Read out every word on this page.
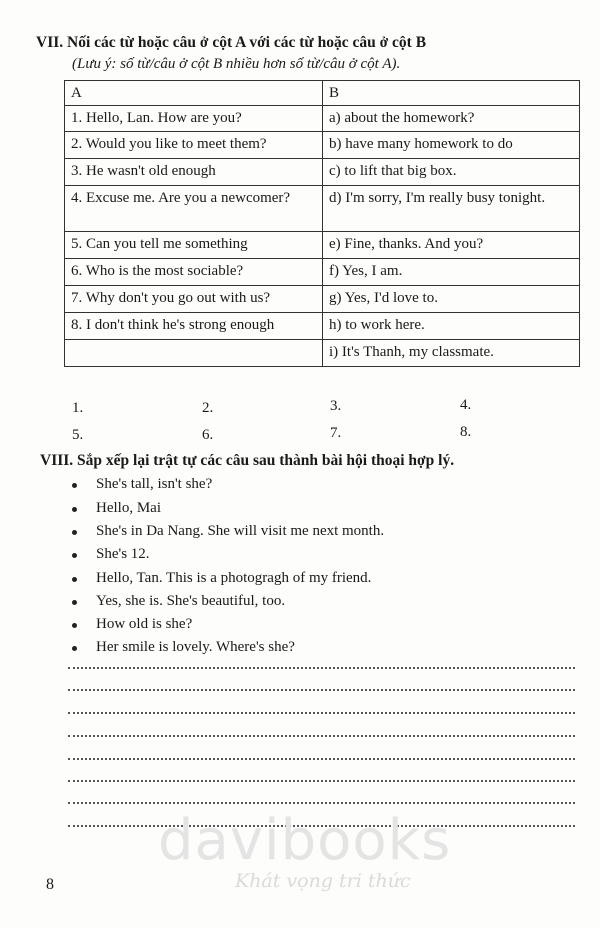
VII. Nối các từ hoặc câu ở cột A với các từ hoặc câu ở cột B
(Lưu ý: số từ/câu ở cột B nhiều hơn số từ/câu ở cột A).
A	B
1. Hello, Lan. How are you?	a) about the homework?
2. Would you like to meet them?	b) have many homework to do
3. He wasn't old enough	c) to lift that big box.
4. Excuse me. Are you a newcomer?	d) I'm sorry, I'm really busy tonight.
5. Can you tell me something	e) Fine, thanks. And you?
6. Who is the most sociable?	f) Yes, I am.
7. Why don't you go out with us?	g) Yes, I'd love to.
8. I don't think he's strong enough	h) to work here.
	i) It's Thanh, my classmate.
1.	2.	3.	4.
5.	6.	7.	8.
VIII. Sắp xếp lại trật tự các câu sau thành bài hội thoại hợp lý.
She's tall, isn't she?
Hello, Mai
She's in Da Nang. She will visit me next month.
She's 12.
Hello, Tan. This is a photogragh of my friend.
Yes, she is. She's beautiful, too.
How old is she?
Her smile is lovely. Where's she?
davibooks
Khát vọng tri thức
8
